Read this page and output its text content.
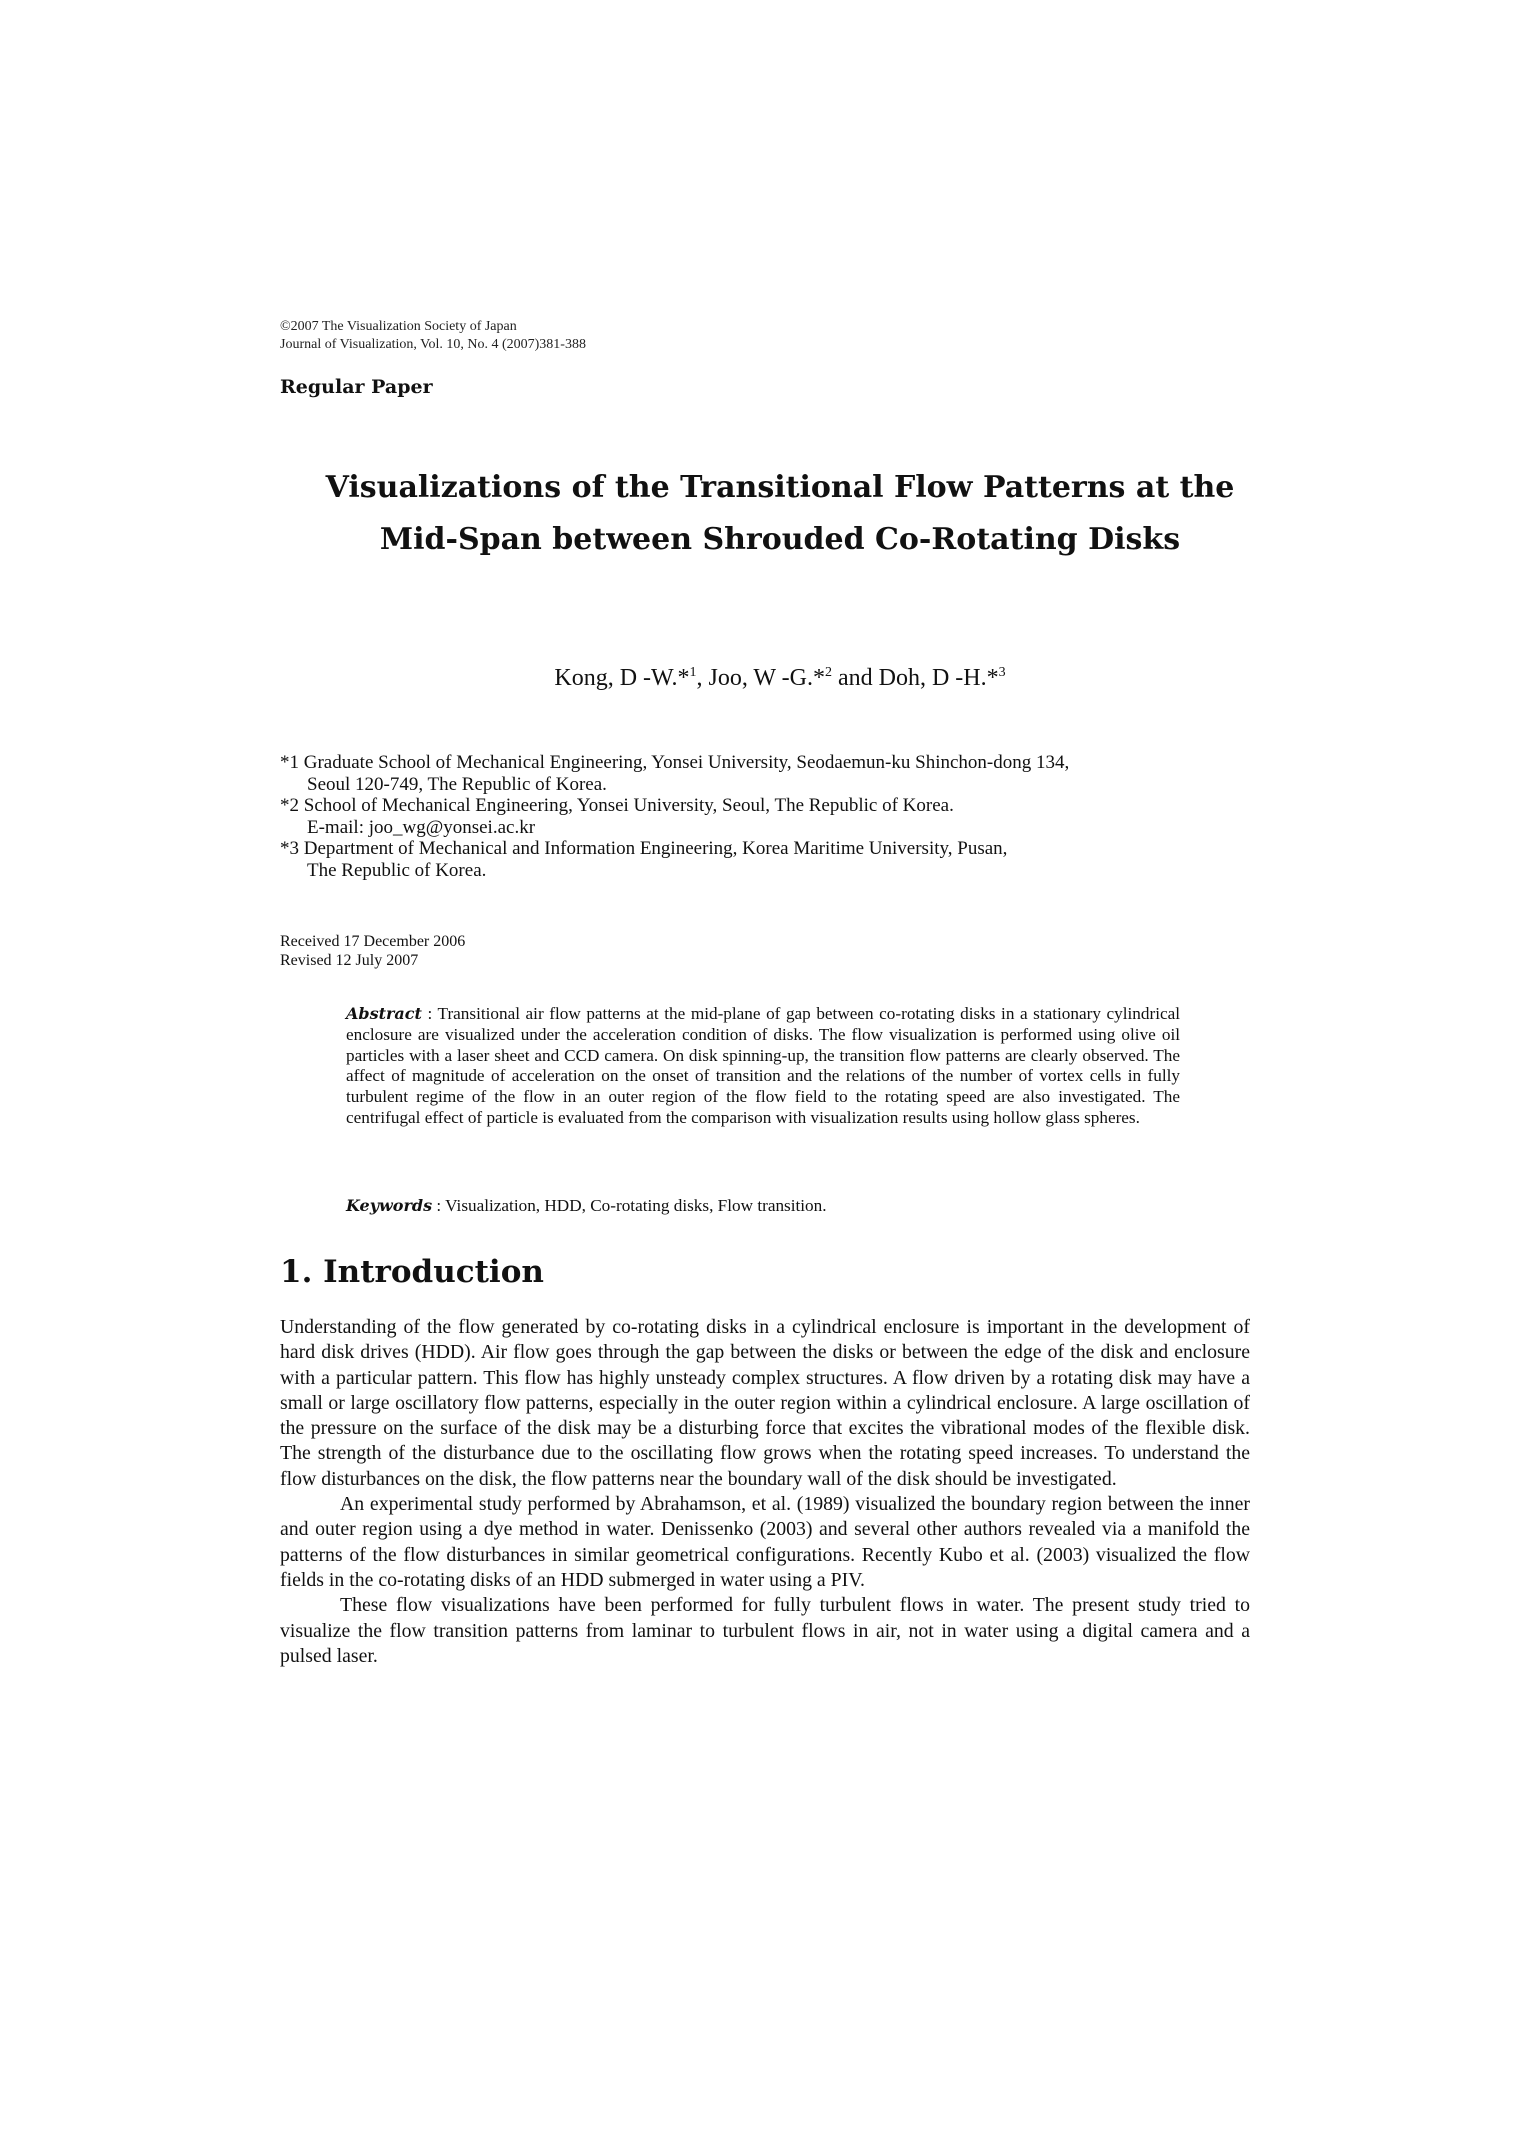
©2007 The Visualization Society of Japan
Journal of Visualization, Vol. 10, No. 4 (2007)381-388
Regular Paper
Visualizations of the Transitional Flow Patterns at the
Mid-Span between Shrouded Co-Rotating Disks
Kong, D -W.*$^1$, Joo, W -G.*$^2$ and Doh, D -H.*$^3$
*1 Graduate School of Mechanical Engineering, Yonsei University, Seodaemun-ku Shinchon-dong 134,
Seoul 120-749, The Republic of Korea.
*2 School of Mechanical Engineering, Yonsei University, Seoul, The Republic of Korea.
E-mail: joo_wg@yonsei.ac.kr
*3 Department of Mechanical and Information Engineering, Korea Maritime University, Pusan,
The Republic of Korea.
Received 17 December 2006
Revised 12 July 2007
Abstract : Transitional air flow patterns at the mid-plane of gap between co-rotating disks in a stationary cylindrical enclosure are visualized under the acceleration condition of disks. The flow visualization is performed using olive oil particles with a laser sheet and CCD camera. On disk spinning-up, the transition flow patterns are clearly observed. The affect of magnitude of acceleration on the onset of transition and the relations of the number of vortex cells in fully turbulent regime of the flow in an outer region of the flow field to the rotating speed are also investigated. The centrifugal effect of particle is evaluated from the comparison with visualization results using hollow glass spheres.
Keywords : Visualization, HDD, Co-rotating disks, Flow transition.
1. Introduction

Understanding of the flow generated by co-rotating disks in a cylindrical enclosure is important in the development of hard disk drives (HDD). Air flow goes through the gap between the disks or between the edge of the disk and enclosure with a particular pattern. This flow has highly unsteady complex structures. A flow driven by a rotating disk may have a small or large oscillatory flow patterns, especially in the outer region within a cylindrical enclosure. A large oscillation of the pressure on the surface of the disk may be a disturbing force that excites the vibrational modes of the flexible disk. The strength of the disturbance due to the oscillating flow grows when the rotating speed increases. To understand the flow disturbances on the disk, the flow patterns near the boundary wall of the disk should be investigated.

An experimental study performed by Abrahamson, et al. (1989) visualized the boundary region between the inner and outer region using a dye method in water. Denissenko (2003) and several other authors revealed via a manifold the patterns of the flow disturbances in similar geometrical configurations. Recently Kubo et al. (2003) visualized the flow fields in the co-rotating disks of an HDD submerged in water using a PIV.

These flow visualizations have been performed for fully turbulent flows in water. The present study tried to visualize the flow transition patterns from laminar to turbulent flows in air, not in water using a digital camera and a pulsed laser.
